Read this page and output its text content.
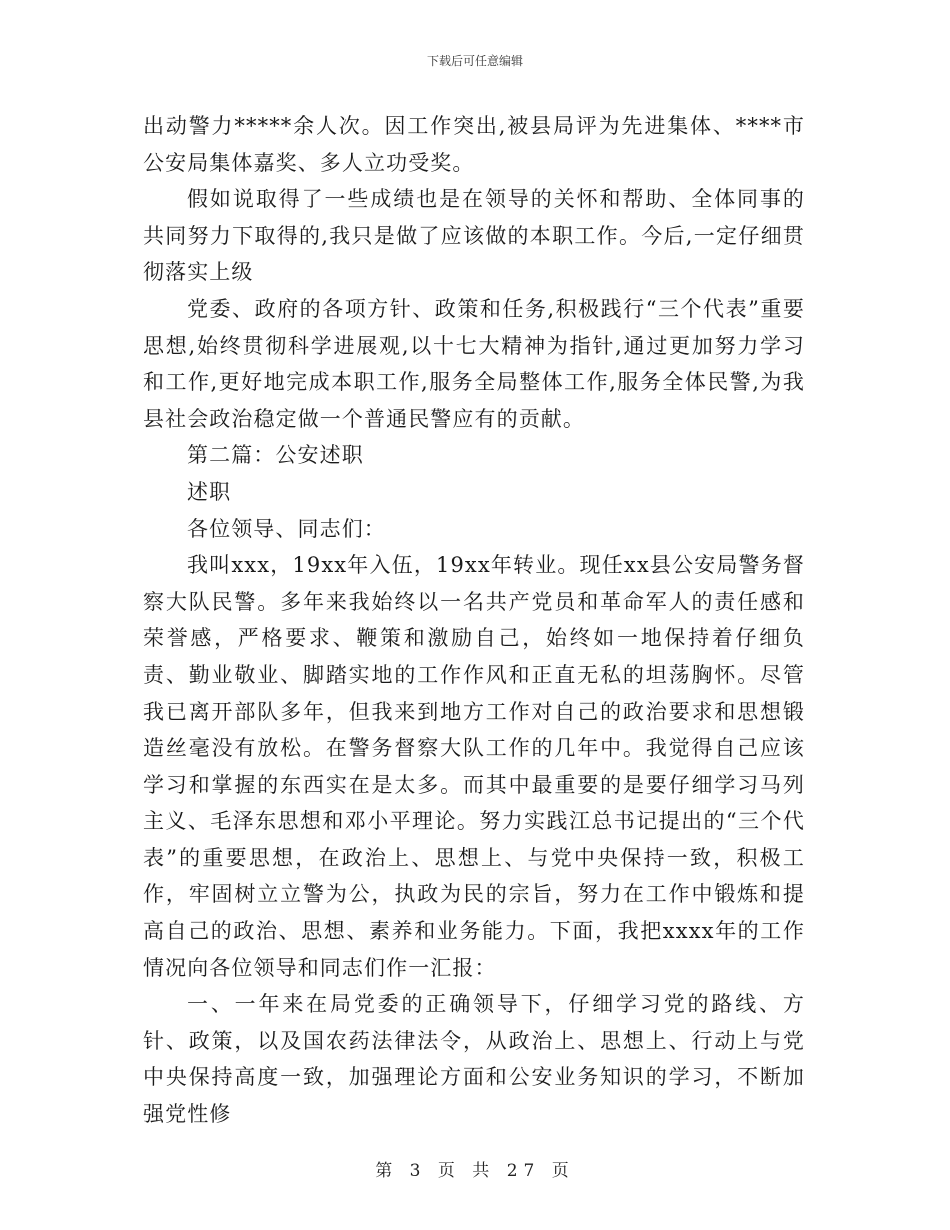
下载后可任意编辑

出动警力*****余人次。因工作突出,被县局评为先进集体、****市公安局集体嘉奖、多人立功受奖。

假如说取得了一些成绩也是在领导的关怀和帮助、全体同事的共同努力下取得的,我只是做了应该做的本职工作。今后,一定仔细贯彻落实上级

党委、政府的各项方针、政策和任务,积极践行“三个代表”重要思想,始终贯彻科学进展观,以十七大精神为指针,通过更加努力学习和工作,更好地完成本职工作,服务全局整体工作,服务全体民警,为我县社会政治稳定做一个普通民警应有的贡献。

第二篇：公安述职

述职

各位领导、同志们：

我叫xxx，19xx年入伍，19xx年转业。现任xx县公安局警务督察大队民警。多年来我始终以一名共产党员和革命军人的责任感和荣誉感，严格要求、鞭策和激励自己，始终如一地保持着仔细负责、勤业敬业、脚踏实地的工作作风和正直无私的坦荡胸怀。尽管我已离开部队多年，但我来到地方工作对自己的政治要求和思想锻造丝毫没有放松。在警务督察大队工作的几年中。我觉得自己应该学习和掌握的东西实在是太多。而其中最重要的是要仔细学习马列主义、毛泽东思想和邓小平理论。努力实践江总书记提出的“三个代表”的重要思想，在政治上、思想上、与党中央保持一致，积极工作，牢固树立立警为公，执政为民的宗旨，努力在工作中锻炼和提高自己的政治、思想、素养和业务能力。下面，我把xxxx年的工作情况向各位领导和同志们作一汇报：

一、一年来在局党委的正确领导下，仔细学习党的路线、方针、政策，以及国农药法律法令，从政治上、思想上、行动上与党中央保持高度一致，加强理论方面和公安业务知识的学习，不断加强党性修

第 3 页 共 27 页
